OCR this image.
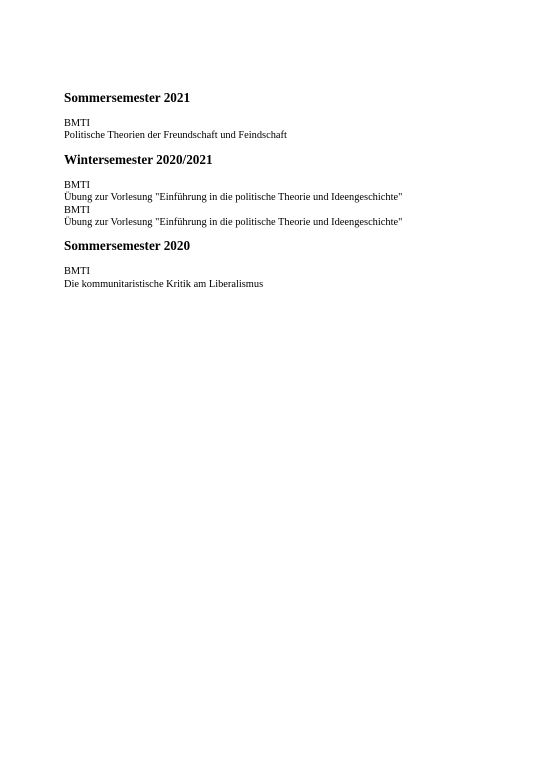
Sommersemester 2021

BMTI

Politische Theorien der Freundschaft und Feindschaft

Wintersemester 2020/2021

BMTI

Übung zur Vorlesung "Einführung in die politische Theorie und Ideengeschichte"

BMTI

Übung zur Vorlesung "Einführung in die politische Theorie und Ideengeschichte"

Sommersemester 2020

BMTI

Die kommunitaristische Kritik am Liberalismus
